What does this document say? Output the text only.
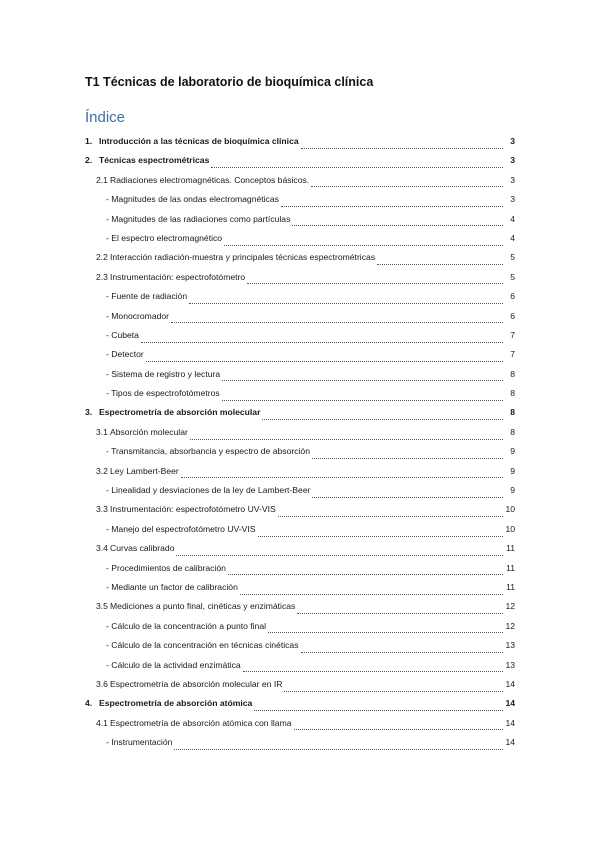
T1 Técnicas de laboratorio de bioquímica clínica
Índice
1. Introducción a las técnicas de bioquímica clínica	3
2. Técnicas espectrométricas	3
2.1 Radiaciones electromagnéticas. Conceptos básicos.	3
- Magnitudes de las ondas electromagnéticas	3
- Magnitudes de las radiaciones como partículas	4
- El espectro electromagnético	4
2.2 Interacción radiación-muestra y principales técnicas espectrométricas	5
2.3 Instrumentación: espectrofotómetro	5
- Fuente de radiación	6
- Monocromador	6
- Cubeta	7
- Detector	7
- Sistema de registro y lectura	8
- Tipos de espectrofotómetros	8
3. Espectrometría de absorción molecular	8
3.1 Absorción molecular	8
- Transmitancia, absorbancia y espectro de absorción	9
3.2 Ley Lambert-Beer	9
- Linealidad y desviaciones de la ley de Lambert-Beer	9
3.3 Instrumentación: espectrofotómetro UV-VIS	10
- Manejo del espectrofotómetro UV-VIS	10
3.4 Curvas calibrado	11
- Procedimientos de calibración	11
- Mediante un factor de calibración	11
3.5 Mediciones a punto final, cinéticas y enzimáticas	12
- Cálculo de la concentración a punto final	12
- Cálculo de la concentración en técnicas cinéticas	13
- Cálculo de la actividad enzimática	13
3.6 Espectrometría de absorción molecular en IR	14
4. Espectrometría de absorción atómica	14
4.1 Espectrometría de absorción atómica con llama	14
- Instrumentación	14
